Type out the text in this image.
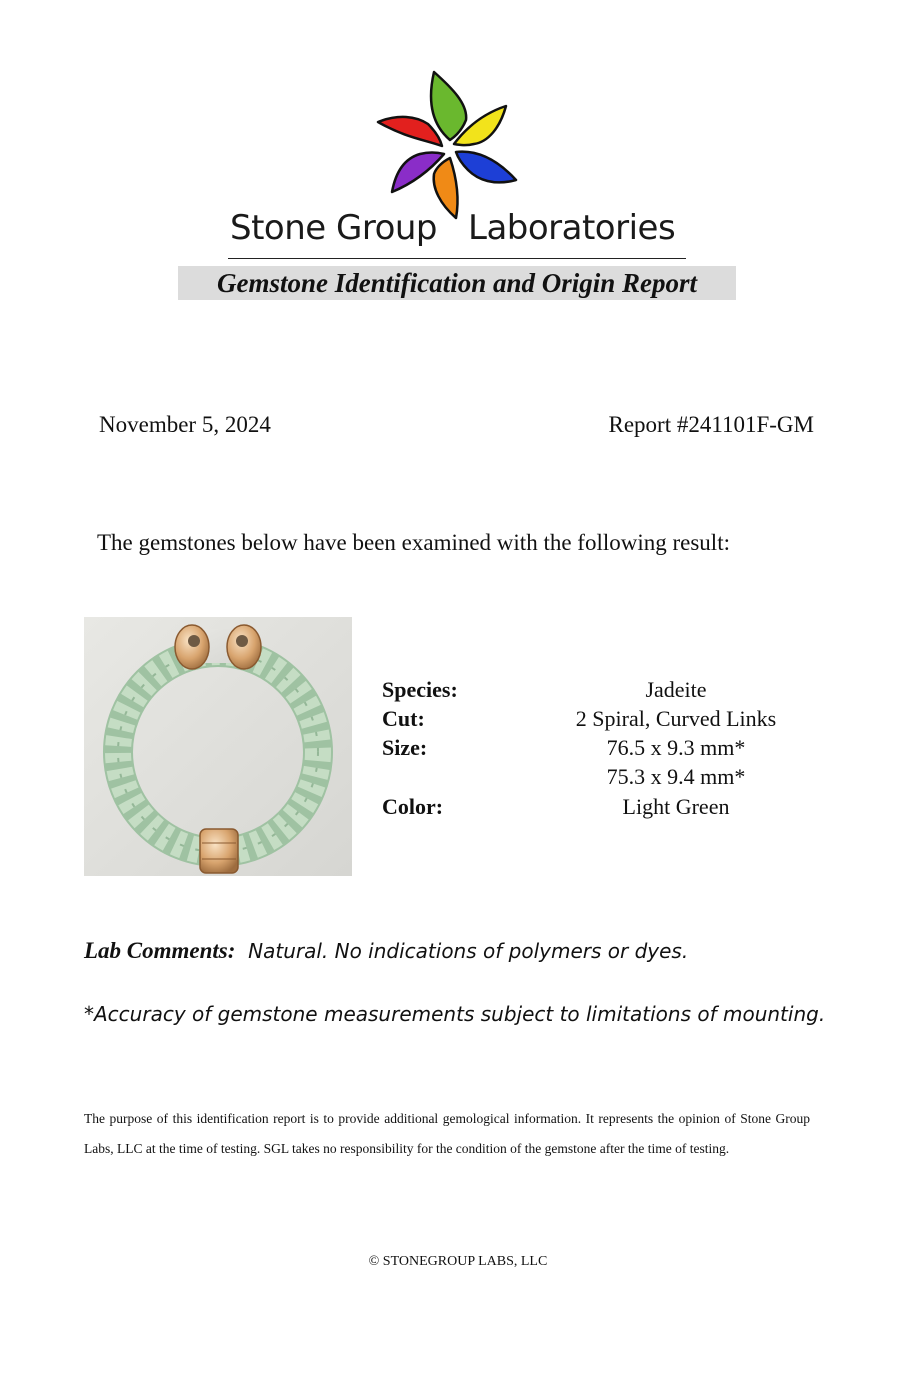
Stone Group Laboratories
Gemstone Identification and Origin Report
November 5, 2024	Report #241101F-GM
The gemstones below have been examined with the following result:
Species:	Jadeite
Cut:	2 Spiral, Curved Links
Size:	76.5 x 9.3 mm*
75.3 x 9.4 mm*
Color:	Light Green
Lab Comments: Natural. No indications of polymers or dyes.
*Accuracy of gemstone measurements subject to limitations of mounting.
The purpose of this identification report is to provide additional gemological information. It represents the opinion of Stone Group Labs, LLC at the time of testing. SGL takes no responsibility for the condition of the gemstone after the time of testing.
© STONEGROUP LABS, LLC
